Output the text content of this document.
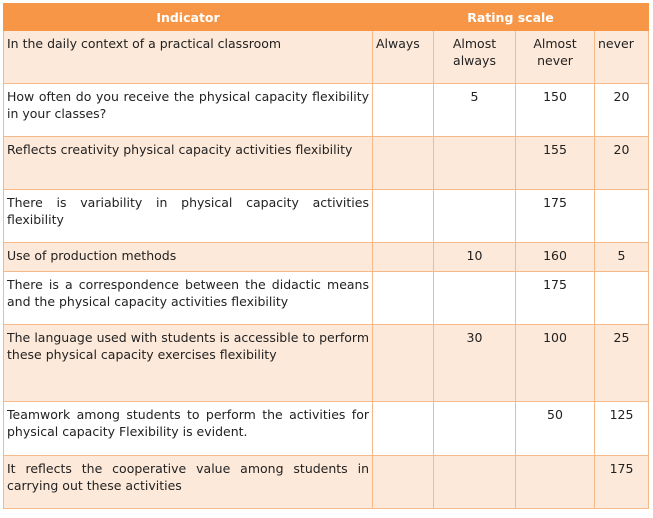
Indicator	Rating scale			
In the daily context of a practical classroom	Always	Almost always	Almost never	never
How often do you receive the physical capacity flexibility in your classes?		5	150	20
Reflects creativity physical capacity activities flexibility			155	20
There is variability in physical capacity activities flexibility			175	
Use of production methods		10	160	5
There is a correspondence between the didactic means and the physical capacity activities flexibility			175	
The language used with students is accessible to perform these physical capacity exercises flexibility		30	100	25
Teamwork among students to perform the activities for physical capacity Flexibility is evident.			50	125
It reflects the cooperative value among students in carrying out these activities				175
